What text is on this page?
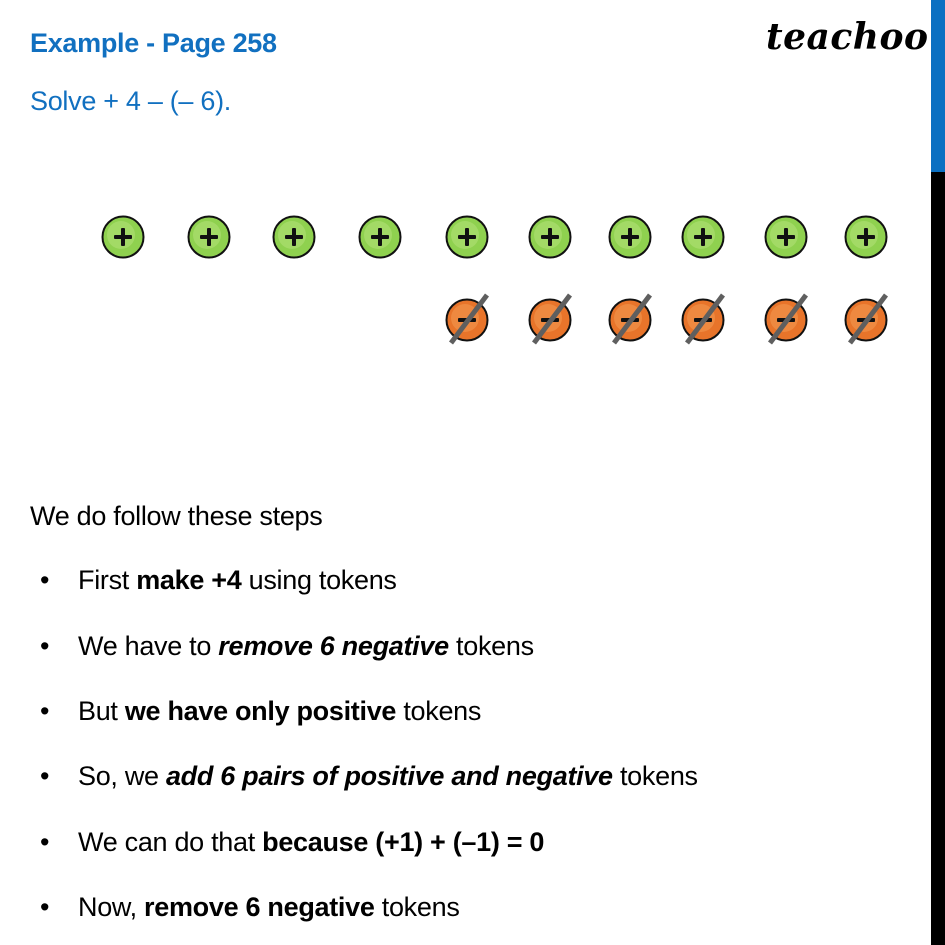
Example - Page 258
Solve + 4 – (– 6).
teachoo
We do follow these steps
• First make +4 using tokens
• We have to remove 6 negative tokens
• But we have only positive tokens
• So, we add 6 pairs of positive and negative tokens
• We can do that because (+1) + (–1) = 0
• Now, remove 6 negative tokens
